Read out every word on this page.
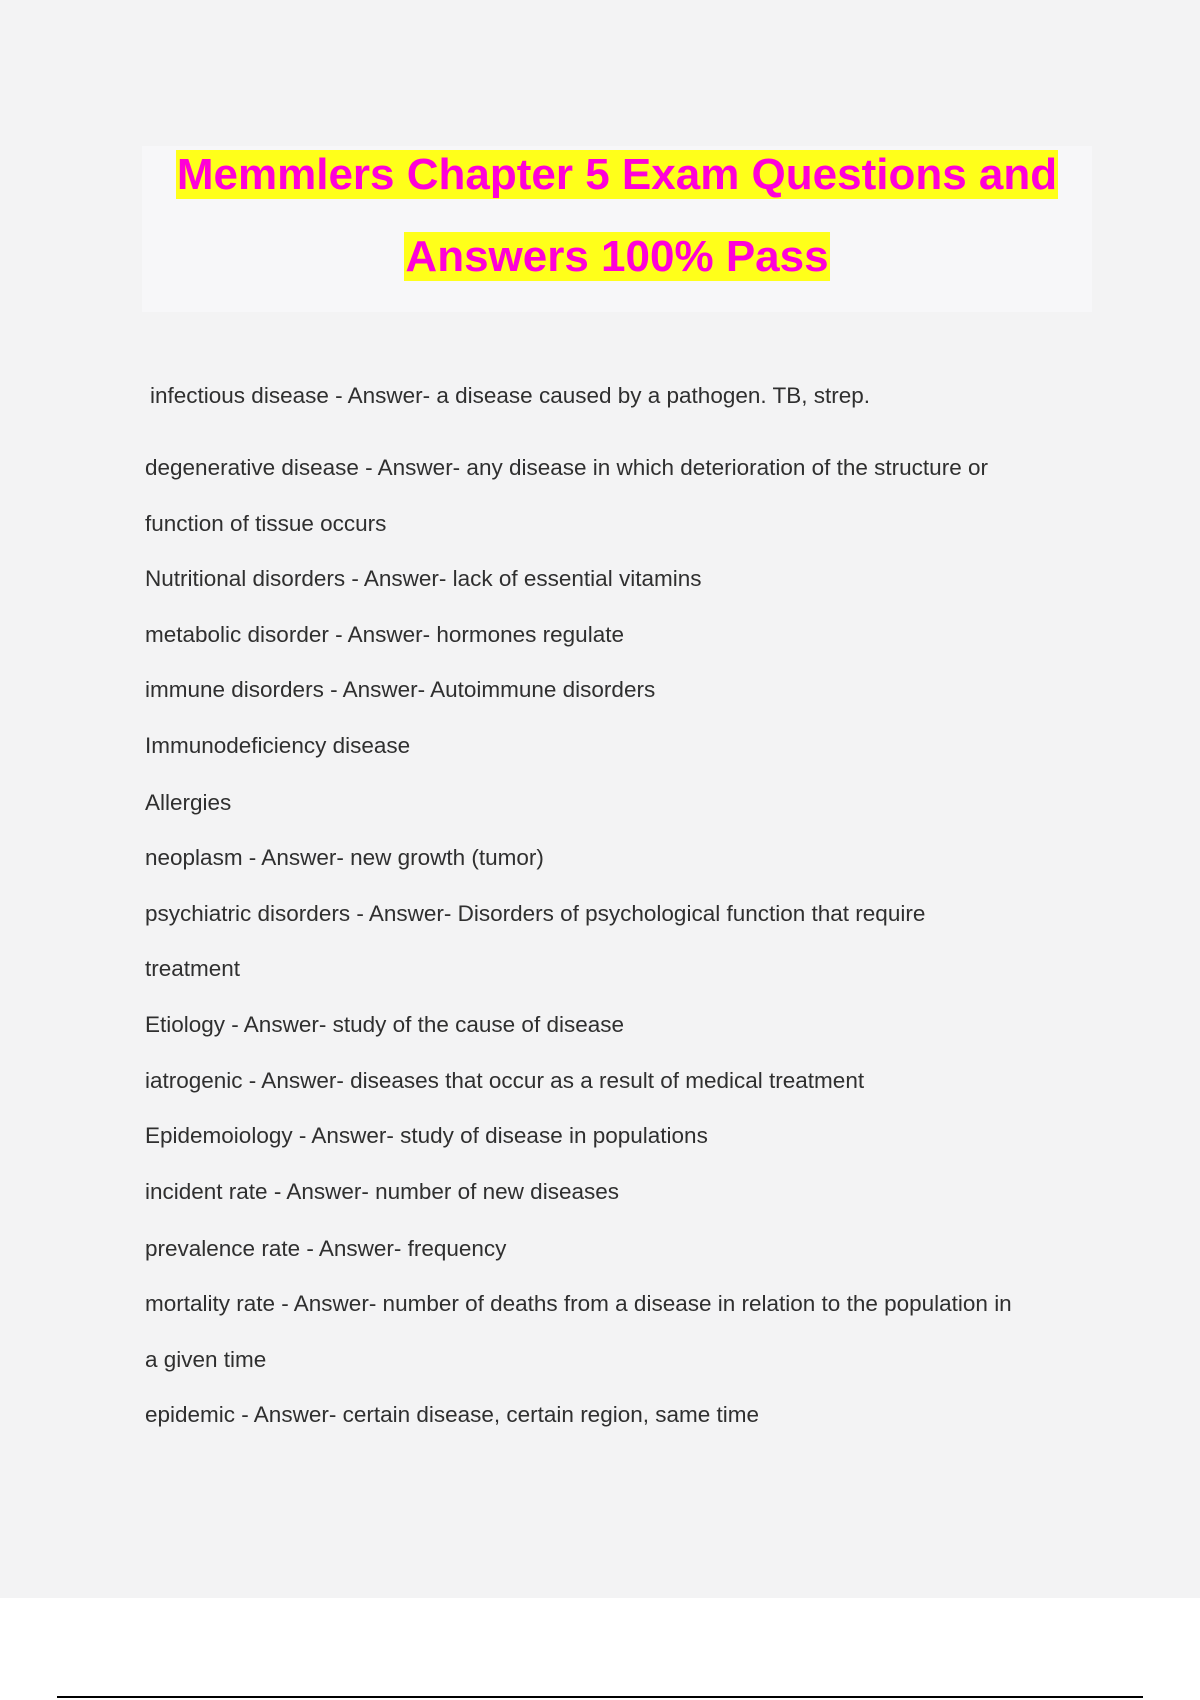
Memmlers Chapter 5 Exam Questions and
Answers 100% Pass
infectious disease - Answer- a disease caused by a pathogen. TB, strep.
degenerative disease - Answer- any disease in which deterioration of the structure or
function of tissue occurs
Nutritional disorders - Answer- lack of essential vitamins
metabolic disorder - Answer- hormones regulate
immune disorders - Answer- Autoimmune disorders
Immunodeficiency disease
Allergies
neoplasm - Answer- new growth (tumor)
psychiatric disorders - Answer- Disorders of psychological function that require
treatment
Etiology - Answer- study of the cause of disease
iatrogenic - Answer- diseases that occur as a result of medical treatment
Epidemoiology - Answer- study of disease in populations
incident rate - Answer- number of new diseases
prevalence rate - Answer- frequency
mortality rate - Answer- number of deaths from a disease in relation to the population in
a given time
epidemic - Answer- certain disease, certain region, same time
